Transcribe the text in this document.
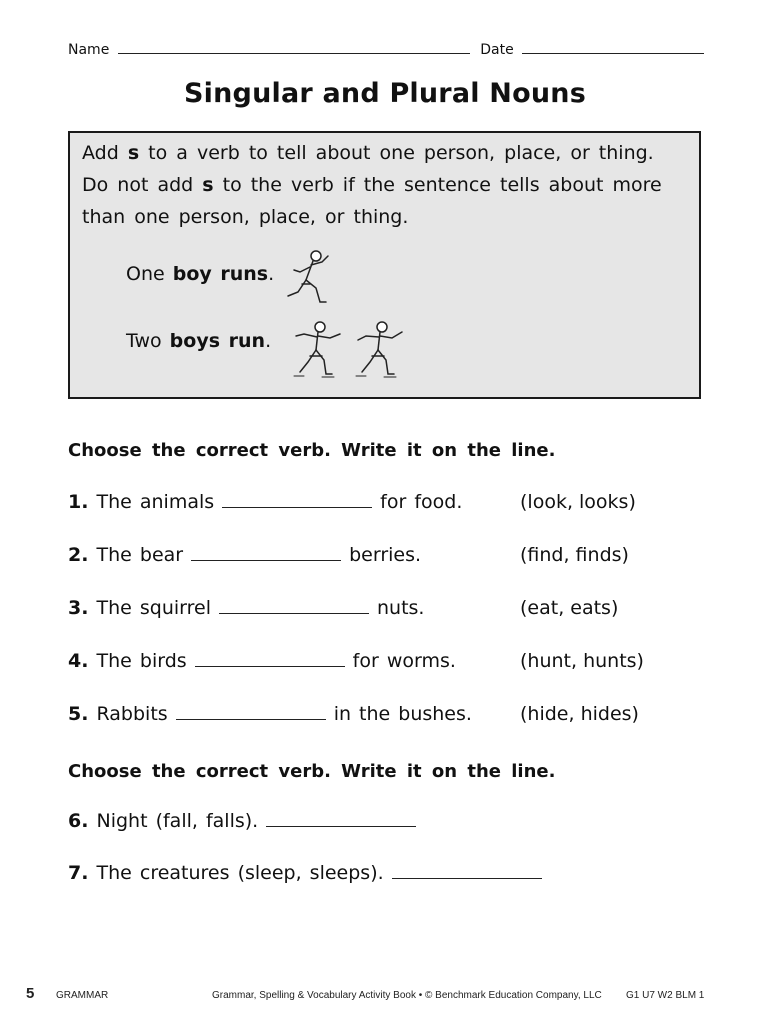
Name	Date
Singular and Plural Nouns
Add s to a verb to tell about one person, place, or thing.
Do not add s to the verb if the sentence tells about more
than one person, place, or thing.
One boy runs.
Two boys run.
Choose the correct verb. Write it on the line.
1. The animals	for food.	(look, looks)
2. The bear	berries.	(find, finds)
3. The squirrel	nuts.	(eat, eats)
4. The birds	for worms.	(hunt, hunts)
5. Rabbits	in the bushes.	(hide, hides)
Choose the correct verb. Write it on the line.
6. Night (fall, falls).
7. The creatures (sleep, sleeps).
5 GRAMMAR	Grammar, Spelling & Vocabulary Activity Book • © Benchmark Education Company, LLC G1 U7 W2 BLM 1
